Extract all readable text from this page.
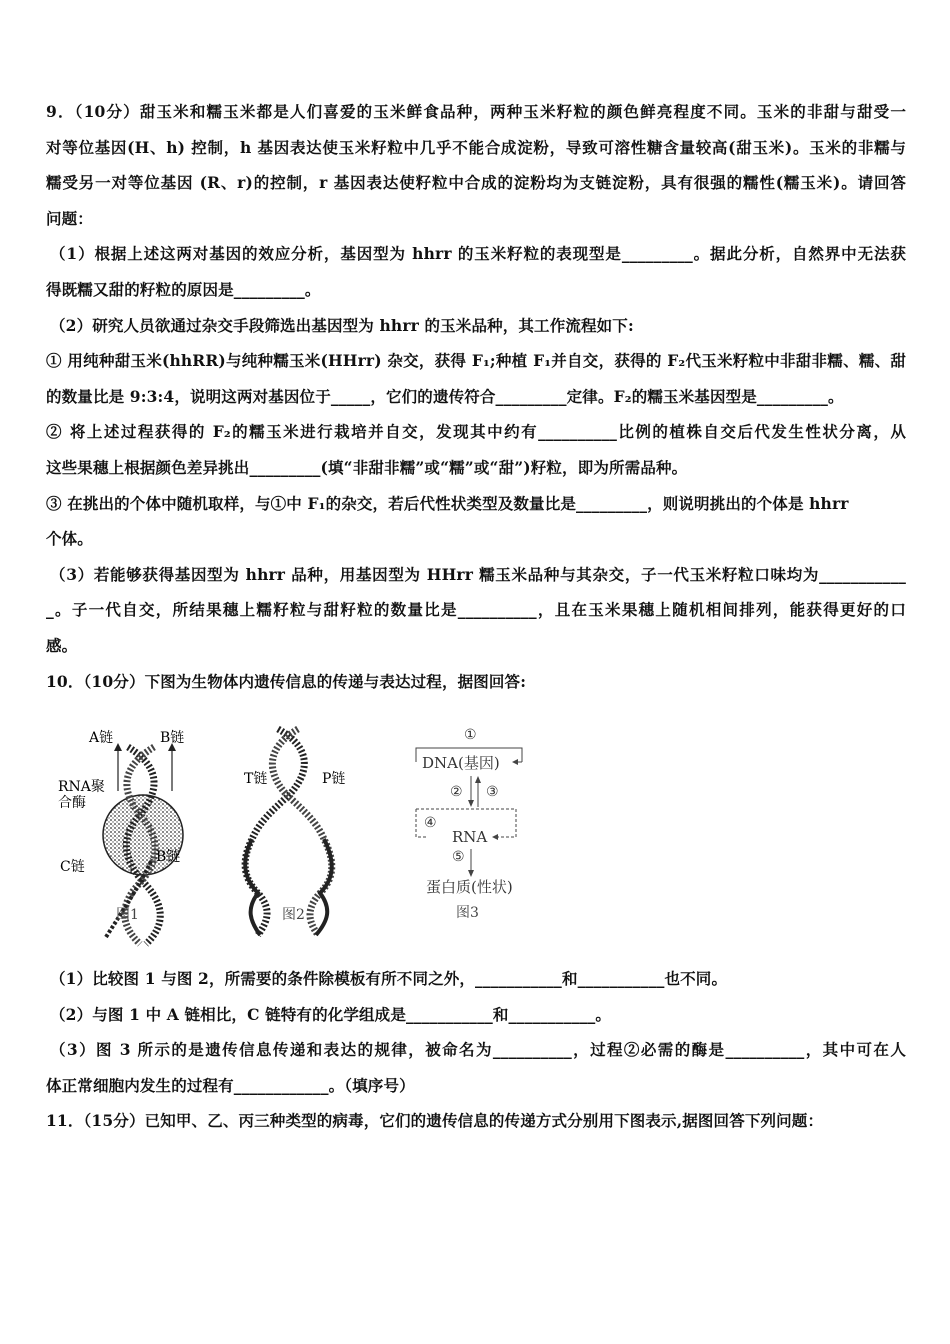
9．（10分）甜玉米和糯玉米都是人们喜爱的玉米鲜食品种，两种玉米籽粒的颜色鲜亮程度不同。玉米的非甜与甜受一

对等位基因(H、h) 控制，h 基因表达使玉米籽粒中几乎不能合成淀粉，导致可溶性糖含量较高(甜玉米)。玉米的非糯与

糯受另一对等位基因 (R、r)的控制，r 基因表达使籽粒中合成的淀粉均为支链淀粉，具有很强的糯性(糯玉米)。请回答

问题：

（1）根据上述这两对基因的效应分析，基因型为 hhrr 的玉米籽粒的表现型是_________。据此分析，自然界中无法获

得既糯又甜的籽粒的原因是_________。

（2）研究人员欲通过杂交手段筛选出基因型为 hhrr 的玉米品种，其工作流程如下:

① 用纯种甜玉米(hhRR)与纯种糯玉米(HHrr) 杂交，获得 F₁;种植 F₁并自交，获得的 F₂代玉米籽粒中非甜非糯、糯、甜

的数量比是 9:3:4，说明这两对基因位于_____，它们的遗传符合_________定律。F₂的糯玉米基因型是_________。

② 将上述过程获得的 F₂的糯玉米进行栽培并自交，发现其中约有__________比例的植株自交后代发生性状分离，从

这些果穗上根据颜色差异挑出_________(填“非甜非糯”或“糯”或“甜”)籽粒，即为所需品种。

③ 在挑出的个体中随机取样，与①中 F₁的杂交，若后代性状类型及数量比是_________，则说明挑出的个体是 hhrr

个体。

（3）若能够获得基因型为 hhrr 品种，用基因型为 HHrr 糯玉米品种与其杂交，子一代玉米籽粒口味均为___________

_。子一代自交，所结果穗上糯籽粒与甜籽粒的数量比是__________，且在玉米果穗上随机相间排列，能获得更好的口

感。

10．（10分）下图为生物体内遗传信息的传递与表达过程，据图回答:

A链	B链
RNA聚
合酶
C链
B链
图1
T链	P链
图2
①
DNA(基因)
② ③
④
RNA
⑤
蛋白质(性状)
图3

（1）比较图 1 与图 2，所需要的条件除模板有所不同之外，___________和___________也不同。

（2）与图 1 中 A 链相比，C 链特有的化学组成是___________和___________。

（3）图 3 所示的是遗传信息传递和表达的规律，被命名为__________，过程②必需的酶是__________，其中可在人

体正常细胞内发生的过程有____________。（填序号）

11．（15分）已知甲、乙、丙三种类型的病毒，它们的遗传信息的传递方式分别用下图表示,据图回答下列问题：
